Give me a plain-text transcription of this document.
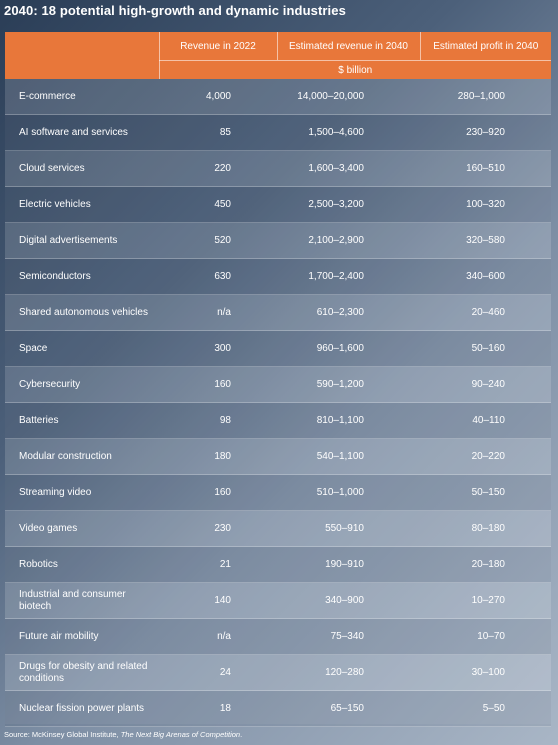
2040: 18 potential high-growth and dynamic industries
	Revenue in 2022	Estimated revenue in 2040	Estimated profit in 2040
	$ billion		
E-commerce	4,000	14,000–20,000	280–1,000
AI software and services	85	1,500–4,600	230–920
Cloud services	220	1,600–3,400	160–510
Electric vehicles	450	2,500–3,200	100–320
Digital advertisements	520	2,100–2,900	320–580
Semiconductors	630	1,700–2,400	340–600
Shared autonomous vehicles	n/a	610–2,300	20–460
Space	300	960–1,600	50–160
Cybersecurity	160	590–1,200	90–240
Batteries	98	810–1,100	40–110
Modular construction	180	540–1,100	20–220
Streaming video	160	510–1,000	50–150
Video games	230	550–910	80–180
Robotics	21	190–910	20–180
Industrial and consumer biotech	140	340–900	10–270
Future air mobility	n/a	75–340	10–70
Drugs for obesity and related conditions	24	120–280	30–100
Nuclear fission power plants	18	65–150	5–50
Source: McKinsey Global Institute, The Next Big Arenas of Competition.
